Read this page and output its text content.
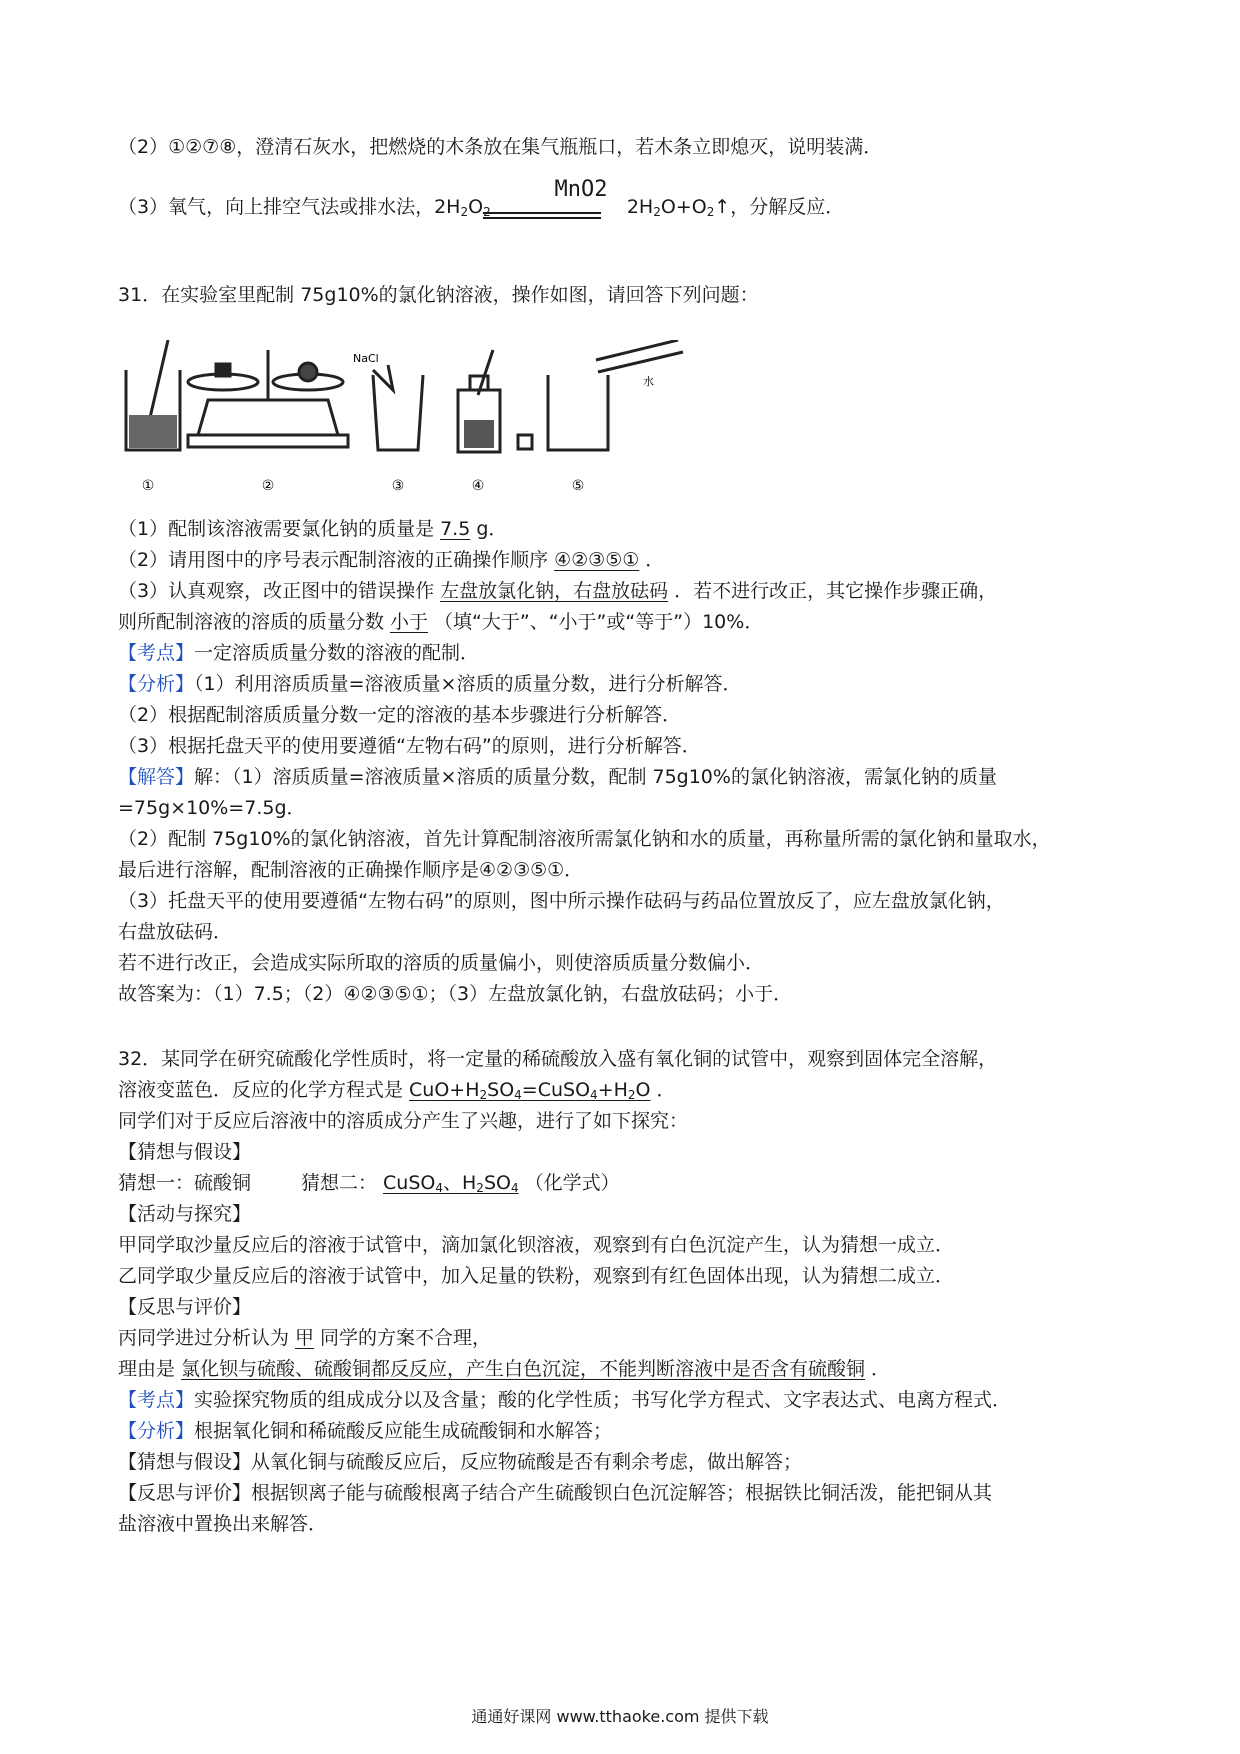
（2）①②⑦⑧，澄清石灰水，把燃烧的木条放在集气瓶瓶口，若木条立即熄灭，说明装满．
MnO2
（3）氧气，向上排空气法或排水法，$2H_2O_2$	$2H_2O+O_2↑$，分解反应．
31．在实验室里配制 75g10%的氯化钠溶液，操作如图，请回答下列问题：
①
NaCl
②	③	④
水
⑤
（1）配制该溶液需要氯化钠的质量是 7.5 g．
（2）请用图中的序号表示配制溶液的正确操作顺序 ④②③⑤① ．
（3）认真观察，改正图中的错误操作 左盘放氯化钠，右盘放砝码 ．若不进行改正，其它操作步骤正确，
则所配制溶液的溶质的质量分数 小于 （填“大于”、“小于”或“等于”）10%．
【考点】一定溶质质量分数的溶液的配制．
【分析】（1）利用溶质质量=溶液质量×溶质的质量分数，进行分析解答．
（2）根据配制溶质质量分数一定的溶液的基本步骤进行分析解答．
（3）根据托盘天平的使用要遵循“左物右码”的原则，进行分析解答．
【解答】解：（1）溶质质量=溶液质量×溶质的质量分数，配制 75g10%的氯化钠溶液，需氯化钠的质量
=75g×10%=7.5g．
（2）配制 75g10%的氯化钠溶液，首先计算配制溶液所需氯化钠和水的质量，再称量所需的氯化钠和量取水，
最后进行溶解，配制溶液的正确操作顺序是④②③⑤①．
（3）托盘天平的使用要遵循“左物右码”的原则，图中所示操作砝码与药品位置放反了，应左盘放氯化钠，
右盘放砝码．
若不进行改正，会造成实际所取的溶质的质量偏小，则使溶质质量分数偏小．
故答案为：（1）7.5；（2）④②③⑤①；（3）左盘放氯化钠，右盘放砝码；小于．
32．某同学在研究硫酸化学性质时，将一定量的稀硫酸放入盛有氧化铜的试管中，观察到固体完全溶解，
溶液变蓝色．反应的化学方程式是 $CuO+H_2SO_4=CuSO_4+H_2O$ ．
同学们对于反应后溶液中的溶质成分产生了兴趣，进行了如下探究：
【猜想与假设】
猜想一：硫酸铜	猜想二： CuSO$_4$、$H_2SO_4$ （化学式）
【活动与探究】
甲同学取沙量反应后的溶液于试管中，滴加氯化钡溶液，观察到有白色沉淀产生，认为猜想一成立．
乙同学取少量反应后的溶液于试管中，加入足量的铁粉，观察到有红色固体出现，认为猜想二成立．
【反思与评价】
丙同学进过分析认为 甲 同学的方案不合理，
理由是 氯化钡与硫酸、硫酸铜都反反应，产生白色沉淀，不能判断溶液中是否含有硫酸铜 ．
【考点】实验探究物质的组成成分以及含量；酸的化学性质；书写化学方程式、文字表达式、电离方程式．
【分析】根据氧化铜和稀硫酸反应能生成硫酸铜和水解答；
【猜想与假设】从氧化铜与硫酸反应后，反应物硫酸是否有剩余考虑，做出解答；
【反思与评价】根据钡离子能与硫酸根离子结合产生硫酸钡白色沉淀解答；根据铁比铜活泼，能把铜从其
盐溶液中置换出来解答．
通通好课网 www.tthaoke.com 提供下载
